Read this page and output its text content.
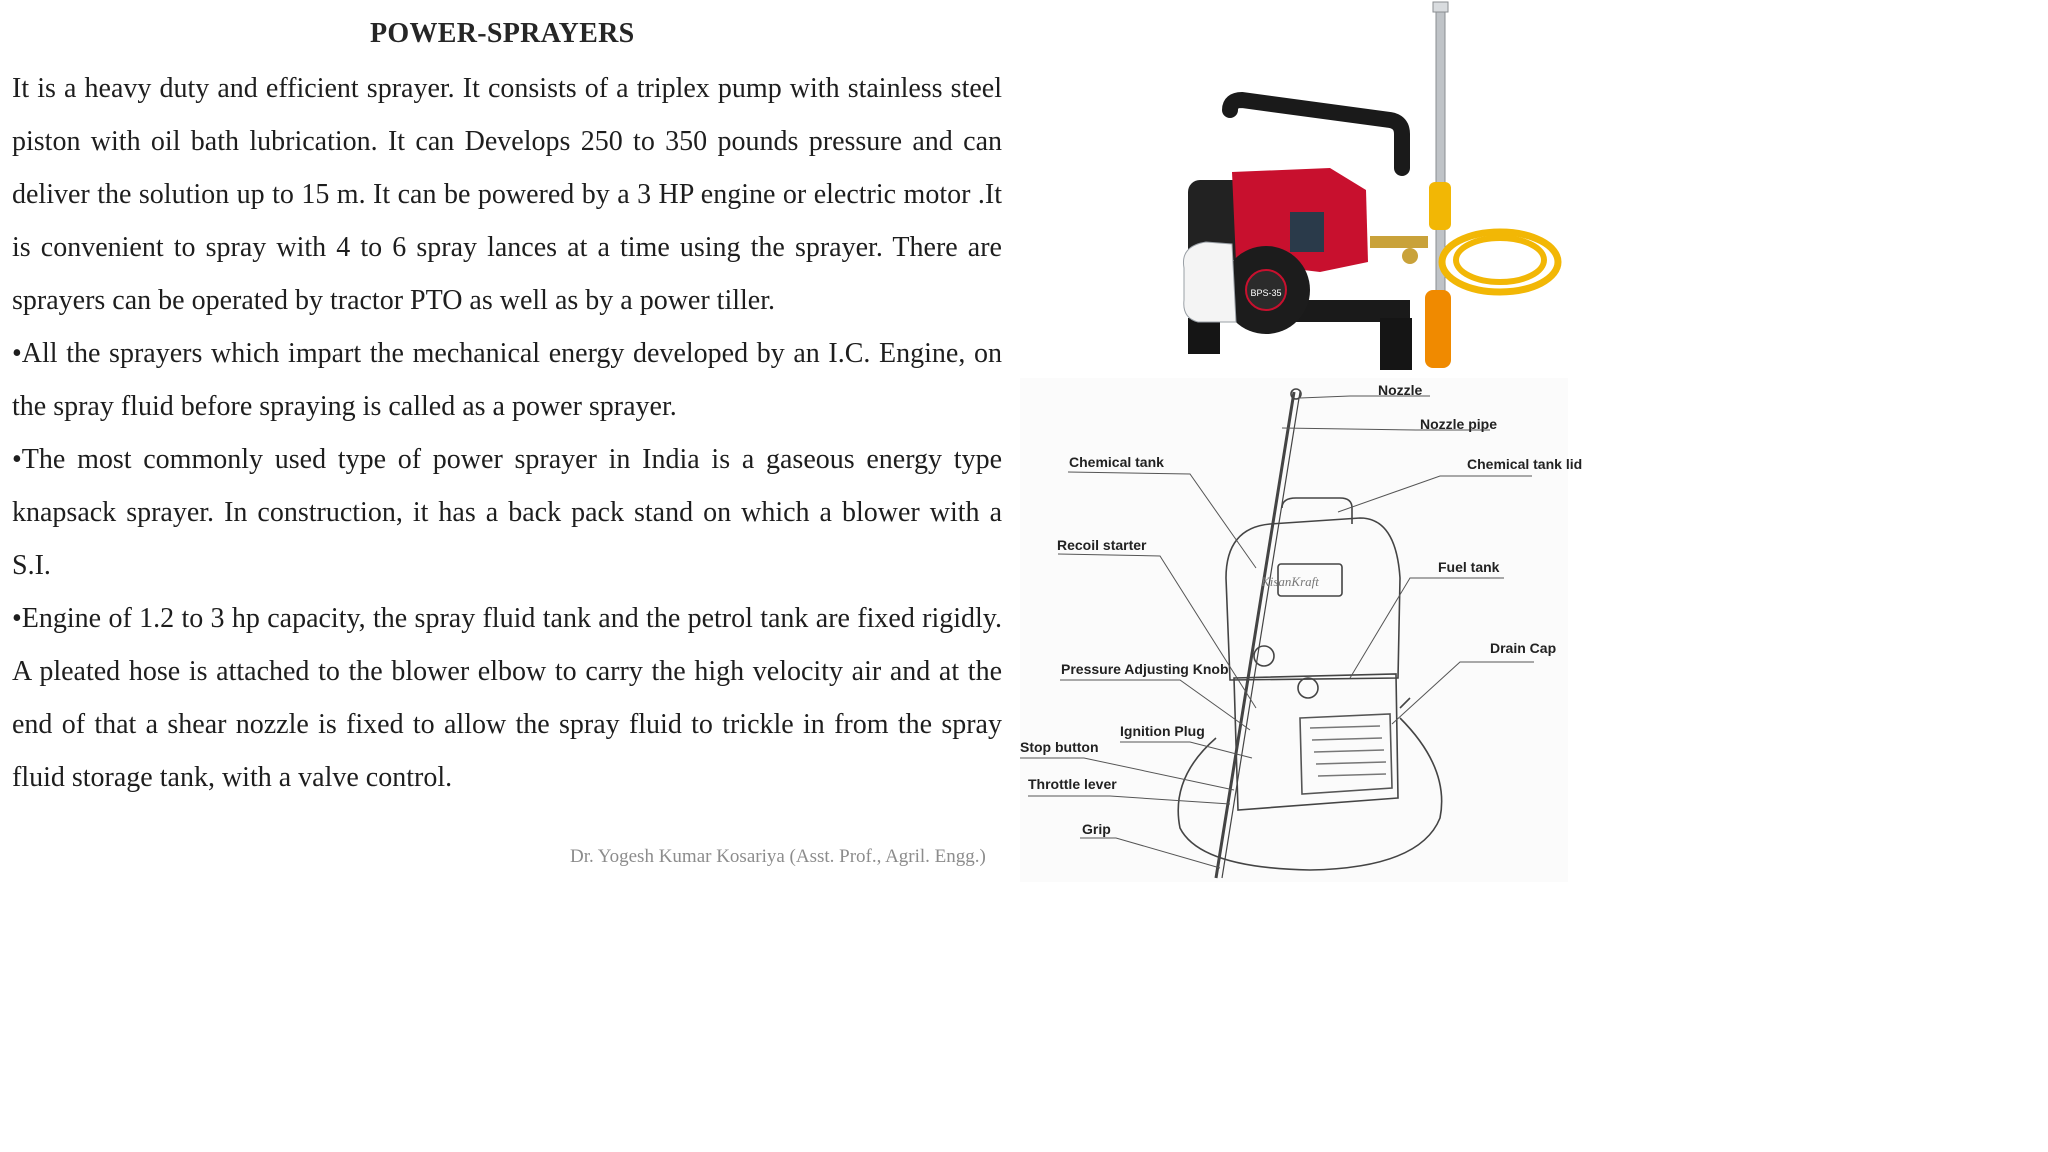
POWER-SPRAYERS

It is a heavy duty and efficient sprayer. It consists of a triplex pump with stainless steel piston with oil bath lubrication. It can Develops 250 to 350 pounds pressure and can deliver the solution up to 15 m. It can be powered by a 3 HP engine or electric motor .It is convenient to spray with 4 to 6 spray lances at a time using the sprayer. There are sprayers can be operated by tractor PTO as well as by a power tiller.

•All the sprayers which impart the mechanical energy developed by an I.C. Engine, on the spray fluid before spraying is called as a power sprayer.

•The most commonly used type of power sprayer in India is a gaseous energy type knapsack sprayer. In construction, it has a back pack stand on which a blower with a S.I.

•Engine of 1.2 to 3 hp capacity, the spray fluid tank and the petrol tank are fixed rigidly. A pleated hose is attached to the blower elbow to carry the high velocity air and at the end of that a shear nozzle is fixed to allow the spray fluid to trickle in from the spray fluid storage tank, with a valve control.

Dr. Yogesh Kumar Kosariya (Asst. Prof., Agril. Engg.)
BPS-35
KisanKraft
Nozzle
Nozzle pipe
Chemical tank	Chemical tank lid
Recoil starter
Fuel tank
Drain Cap
Pressure Adjusting Knob
Ignition Plug
Stop button
Throttle lever
Grip
